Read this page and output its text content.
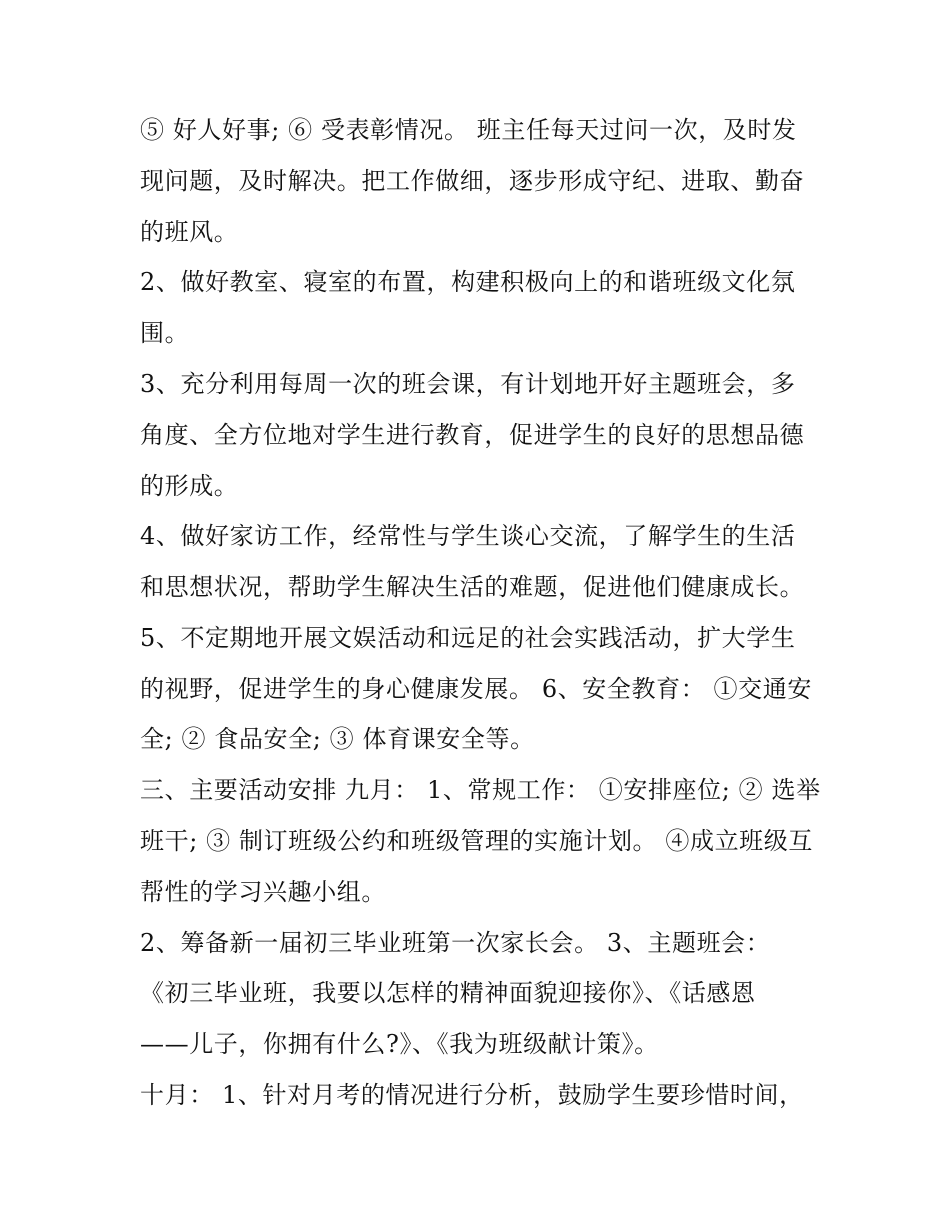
⑤ 好人好事; ⑥ 受表彰情况。 班主任每天过问一次，及时发
现问题，及时解决。把工作做细，逐步形成守纪、进取、勤奋
的班风。
2、做好教室、寝室的布置，构建积极向上的和谐班级文化氛
围。
3、充分利用每周一次的班会课，有计划地开好主题班会，多
角度、全方位地对学生进行教育，促进学生的良好的思想品德
的形成。
4、做好家访工作，经常性与学生谈心交流，了解学生的生活
和思想状况，帮助学生解决生活的难题，促进他们健康成长。
5、不定期地开展文娱活动和远足的社会实践活动，扩大学生
的视野，促进学生的身心健康发展。 6、安全教育： ①交通安
全; ② 食品安全; ③ 体育课安全等。
三、主要活动安排 九月： 1、常规工作： ①安排座位; ② 选举
班干; ③ 制订班级公约和班级管理的实施计划。 ④成立班级互
帮性的学习兴趣小组。
2、筹备新一届初三毕业班第一次家长会。 3、主题班会：
《初三毕业班，我要以怎样的精神面貌迎接你》、《话感恩
——儿子，你拥有什么?》、《我为班级献计策》。
十月： 1、针对月考的情况进行分析，鼓励学生要珍惜时间，
